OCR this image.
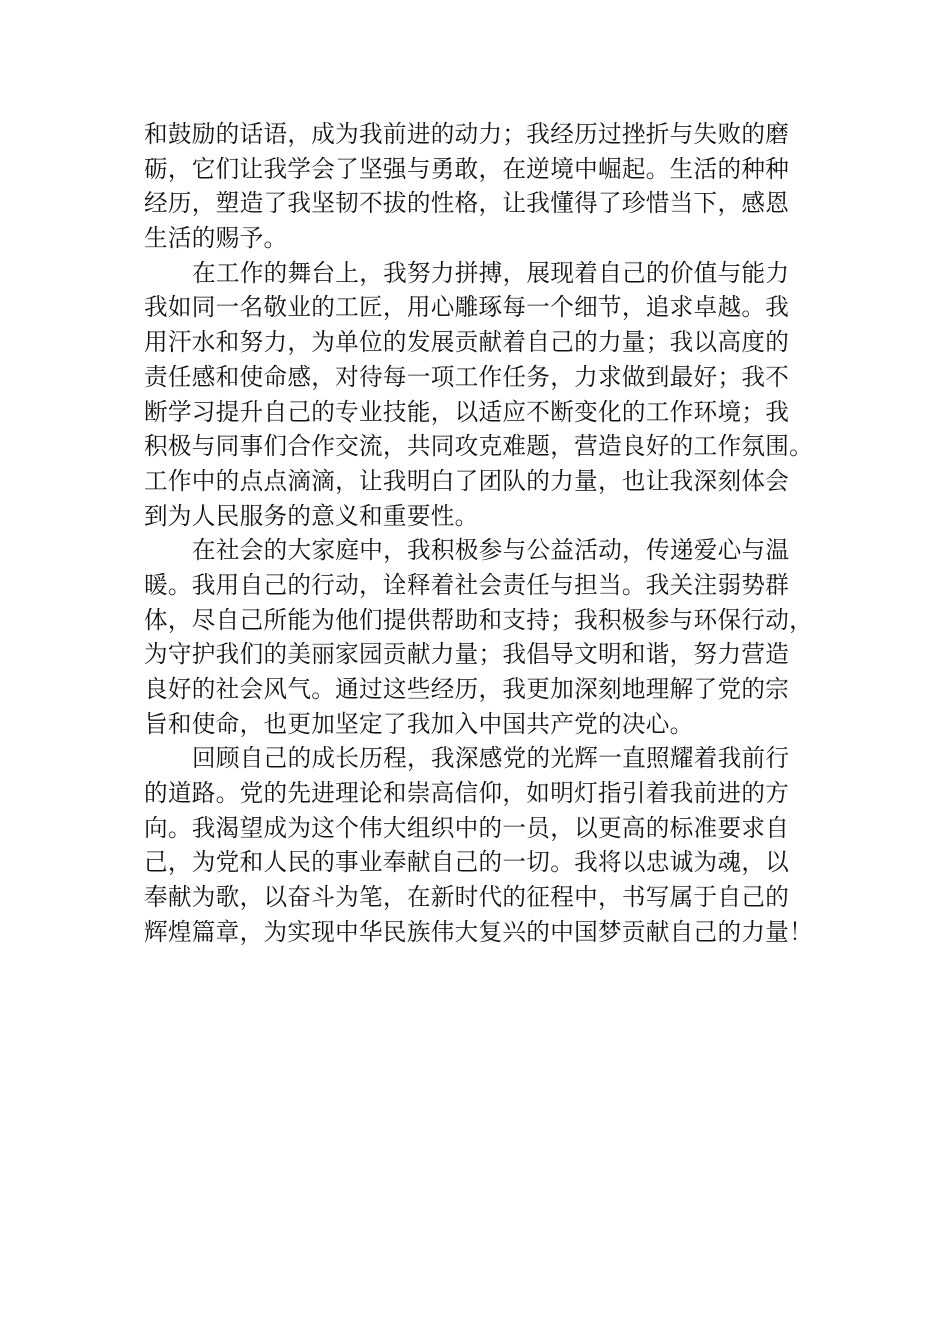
和鼓励的话语，成为我前进的动力；我经历过挫折与失败的磨
砺，它们让我学会了坚强与勇敢，在逆境中崛起。生活的种种
经历，塑造了我坚韧不拔的性格，让我懂得了珍惜当下，感恩
生活的赐予。
在工作的舞台上，我努力拼搏，展现着自己的价值与能力
我如同一名敬业的工匠，用心雕琢每一个细节，追求卓越。我
用汗水和努力，为单位的发展贡献着自己的力量；我以高度的
责任感和使命感，对待每一项工作任务，力求做到最好；我不
断学习提升自己的专业技能，以适应不断变化的工作环境；我
积极与同事们合作交流，共同攻克难题，营造良好的工作氛围。
工作中的点点滴滴，让我明白了团队的力量，也让我深刻体会
到为人民服务的意义和重要性。
在社会的大家庭中，我积极参与公益活动，传递爱心与温
暖。我用自己的行动，诠释着社会责任与担当。我关注弱势群
体，尽自己所能为他们提供帮助和支持；我积极参与环保行动，
为守护我们的美丽家园贡献力量；我倡导文明和谐，努力营造
良好的社会风气。通过这些经历，我更加深刻地理解了党的宗
旨和使命，也更加坚定了我加入中国共产党的决心。
回顾自己的成长历程，我深感党的光辉一直照耀着我前行
的道路。党的先进理论和崇高信仰，如明灯指引着我前进的方
向。我渴望成为这个伟大组织中的一员，以更高的标准要求自
己，为党和人民的事业奉献自己的一切。我将以忠诚为魂，以
奉献为歌，以奋斗为笔，在新时代的征程中，书写属于自己的
辉煌篇章，为实现中华民族伟大复兴的中国梦贡献自己的力量！
